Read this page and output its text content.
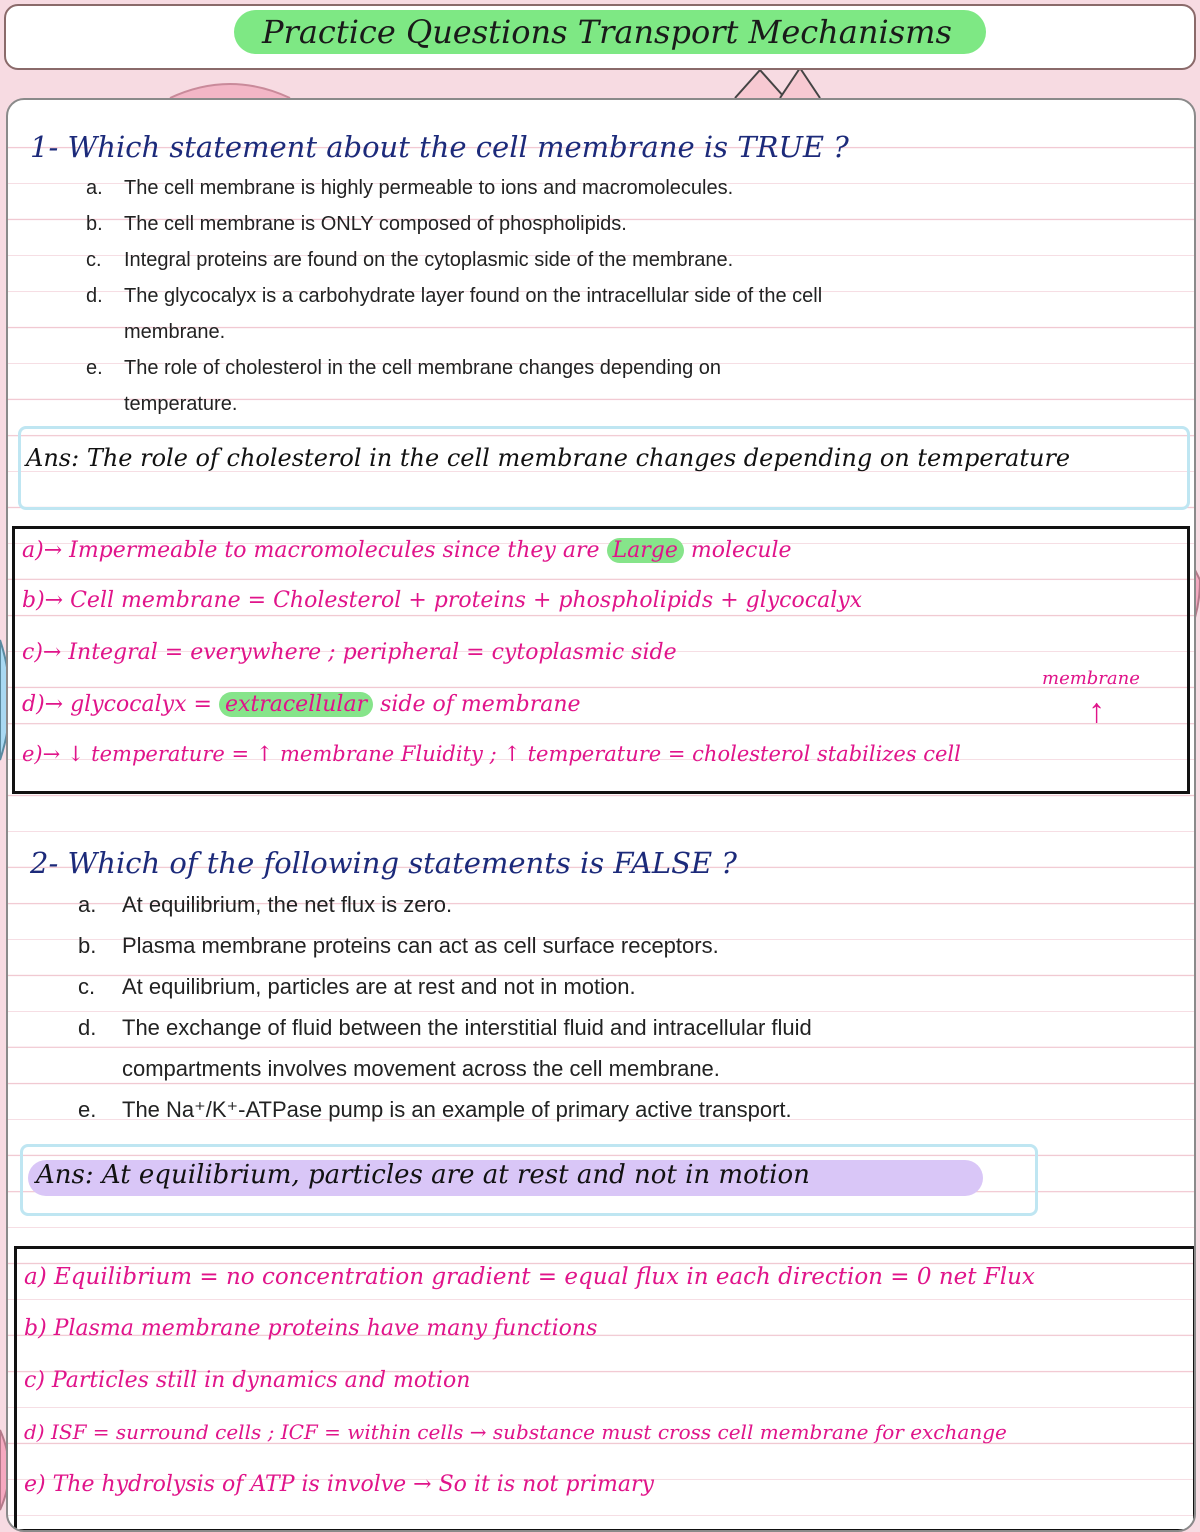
Practice Questions Transport Mechanisms
1- Which statement about the cell membrane is TRUE ?
a. The cell membrane is highly permeable to ions and macromolecules.
b. The cell membrane is ONLY composed of phospholipids.
c. Integral proteins are found on the cytoplasmic side of the membrane.
d. The glycocalyx is a carbohydrate layer found on the intracellular side of the cell
membrane.
e. The role of cholesterol in the cell membrane changes depending on
temperature.
Ans: The role of cholesterol in the cell membrane changes depending on temperature
a)→ Impermeable to macromolecules since they are Large molecule
b)→ Cell membrane = Cholesterol + proteins + phospholipids + glycocalyx
c)→ Integral = everywhere ; peripheral = cytoplasmic side
d)→ glycocalyx = extracellular side of membrane
e)→ ↓ temperature = ↑ membrane Fluidity ; ↑ temperature = cholesterol stabilizes cell
membrane
↑
2- Which of the following statements is FALSE ?
a. At equilibrium, the net flux is zero.
b. Plasma membrane proteins can act as cell surface receptors.
c. At equilibrium, particles are at rest and not in motion.
d. The exchange of fluid between the interstitial fluid and intracellular fluid
compartments involves movement across the cell membrane.
e. The Na⁺/K⁺-ATPase pump is an example of primary active transport.
Ans: At equilibrium, particles are at rest and not in motion
a) Equilibrium = no concentration gradient = equal flux in each direction = 0 net Flux
b) Plasma membrane proteins have many functions
c) Particles still in dynamics and motion
d) ISF = surround cells ; ICF = within cells → substance must cross cell membrane for exchange
e) The hydrolysis of ATP is involve → So it is not primary
